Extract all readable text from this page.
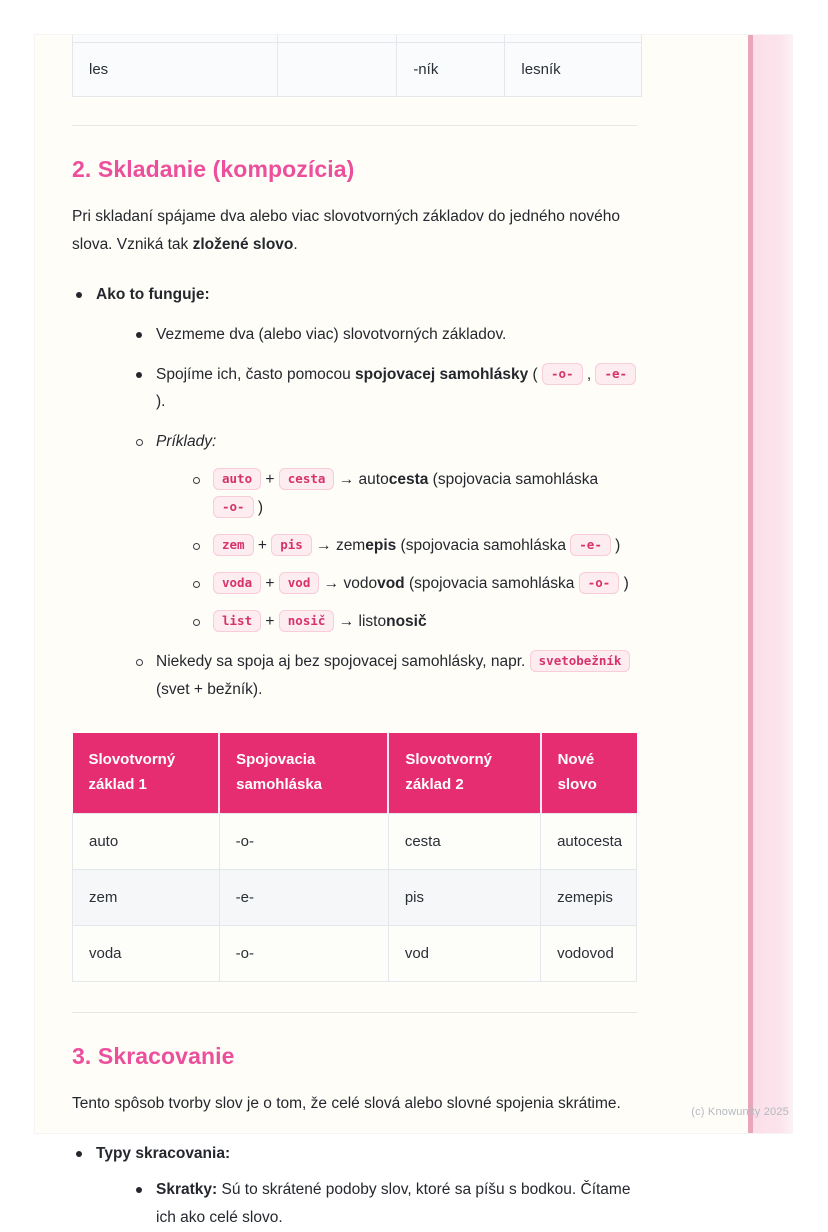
les		-ník	lesník
2. Skladanie (kompozícia)

Pri skladaní spájame dva alebo viac slovotvorných základov do jedného nového slova. Vzniká tak zložené slovo.

Ako to funguje:
Vezmeme dva (alebo viac) slovotvorných základov.
Spojíme ich, často pomocou spojovacej samohlásky ( -o- , -e- ).
Príklady:
auto + cesta → autocesta (spojovacia samohláska -o- )
zem + pis → zemepis (spojovacia samohláska -e- )
voda + vod → vodovod (spojovacia samohláska -o- )
list + nosič → listonosič
Niekedy sa spoja aj bez spojovacej samohlásky, napr. svetobežník (svet + bežník).
Slovotvorný základ 1	Spojovacia samohláska	Slovotvorný základ 2	Nové slovo
auto	-o-	cesta	autocesta
zem	-e-	pis	zemepis
voda	-o-	vod	vodovod
3. Skracovanie

Tento spôsob tvorby slov je o tom, že celé slová alebo slovné spojenia skrátime.

Typy skracovania:
Skratky: Sú to skrátené podoby slov, ktoré sa píšu s bodkou. Čítame ich ako celé slovo.
(c) Knowunity 2025
